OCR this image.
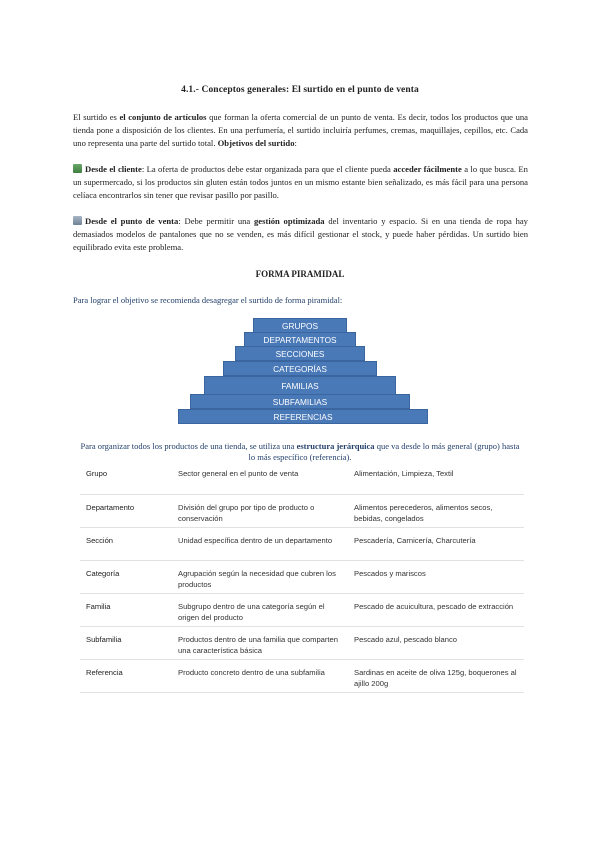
4.1.- Conceptos generales: El surtido en el punto de venta

El surtido es el conjunto de artículos que forman la oferta comercial de un punto de venta. Es decir, todos los productos que una tienda pone a disposición de los clientes. En una perfumería, el surtido incluiría perfumes, cremas, maquillajes, cepillos, etc. Cada uno representa una parte del surtido total. Objetivos del surtido:

Desde el cliente: La oferta de productos debe estar organizada para que el cliente pueda acceder fácilmente a lo que busca. En un supermercado, si los productos sin gluten están todos juntos en un mismo estante bien señalizado, es más fácil para una persona celíaca encontrarlos sin tener que revisar pasillo por pasillo.

Desde el punto de venta: Debe permitir una gestión optimizada del inventario y espacio. Si en una tienda de ropa hay demasiados modelos de pantalones que no se venden, es más difícil gestionar el stock, y puede haber pérdidas. Un surtido bien equilibrado evita este problema.

FORMA PIRAMIDAL
Para lograr el objetivo se recomienda desagregar el surtido de forma piramidal:
GRUPOS
DEPARTAMENTOS
SECCIONES
CATEGORÍAS
FAMILIAS
SUBFAMILIAS
REFERENCIAS
Para organizar todos los productos de una tienda, se utiliza una estructura jerárquica que va desde lo más general (grupo) hasta lo más específico (referencia).
Grupo	Sector general en el punto de venta	Alimentación, Limpieza, Textil
Departamento	División del grupo por tipo de producto o conservación	Alimentos perecederos, alimentos secos, bebidas, congelados
Sección	Unidad específica dentro de un departamento	Pescadería, Carnicería, Charcutería
Categoría	Agrupación según la necesidad que cubren los productos	Pescados y mariscos
Familia	Subgrupo dentro de una categoría según el origen del producto	Pescado de acuicultura, pescado de extracción
Subfamilia	Productos dentro de una familia que comparten una característica básica	Pescado azul, pescado blanco
Referencia	Producto concreto dentro de una subfamilia	Sardinas en aceite de oliva 125g, boquerones al ajillo 200g
